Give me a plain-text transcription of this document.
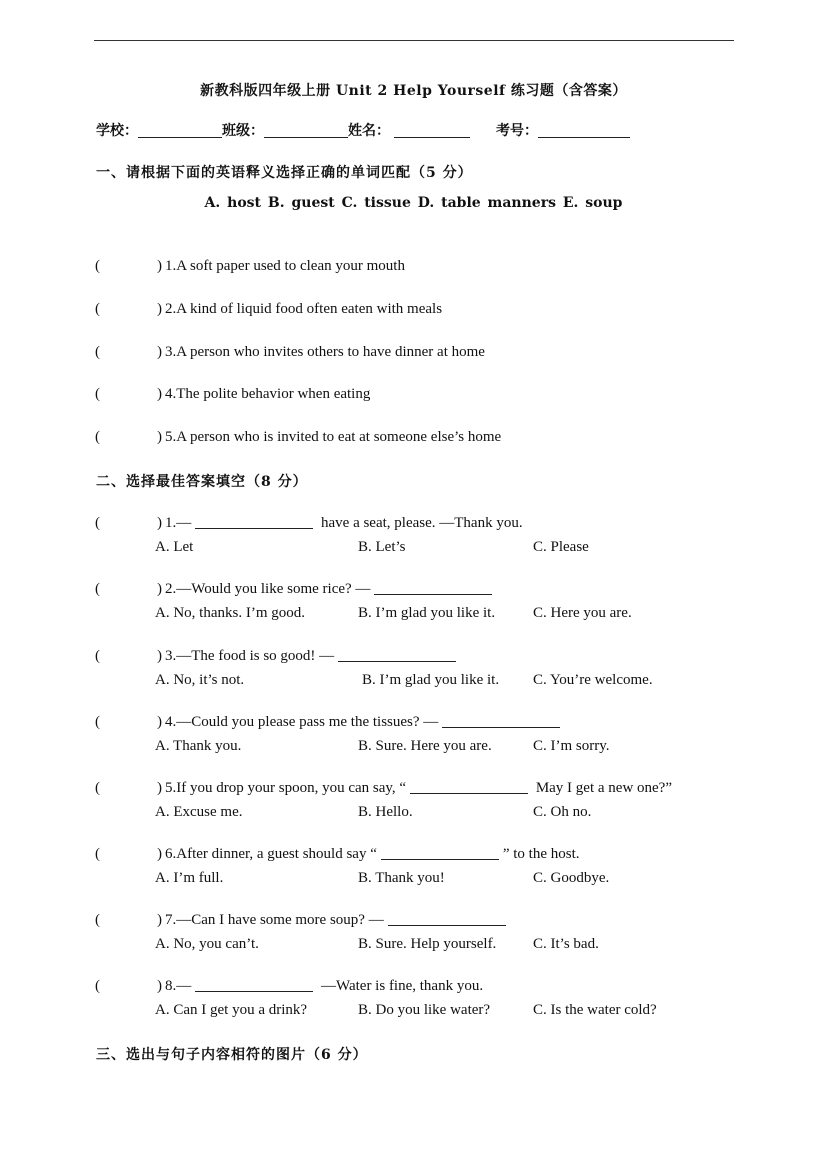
新教科版四年级上册 Unit 2 Help Yourself 练习题（含答案）
学校：	班级：	姓名：	考号：
一、请根据下面的英语释义选择正确的单词匹配（5 分）
A. host B. guest C. tissue D. table manners E. soup
(	) 1.A soft paper used to clean your mouth
(	) 2.A kind of liquid food often eaten with meals
(	) 3.A person who invites others to have dinner at home
(	) 4.The polite behavior when eating
(	) 5.A person who is invited to eat at someone else’s home
二、选择最佳答案填空（8 分）
(	) 1.—	have a seat, please. —Thank you.
A. Let	B. Let’s	C. Please
(	) 2.—Would you like some rice? —
A. No, thanks. I’m good.	B. I’m glad you like it.	C. Here you are.
(	) 3.—The food is so good! —
A. No, it’s not.	B. I’m glad you like it. C. You’re welcome.
(	) 4.—Could you please pass me the tissues? —
A. Thank you.	B. Sure. Here you are.	C. I’m sorry.
(	) 5.If you drop your spoon, you can say, “	May I get a new one?”
A. Excuse me.	B. Hello.	C. Oh no.
(	) 6.After dinner, a guest should say “	” to the host.
A. I’m full.	B. Thank you!	C. Goodbye.
(	) 7.—Can I have some more soup? —
A. No, you can’t.	B. Sure. Help yourself. C. It’s bad.
(	) 8.—	—Water is fine, thank you.
A. Can I get you a drink?	B. Do you like water?	C. Is the water cold?
三、选出与句子内容相符的图片（6 分）
